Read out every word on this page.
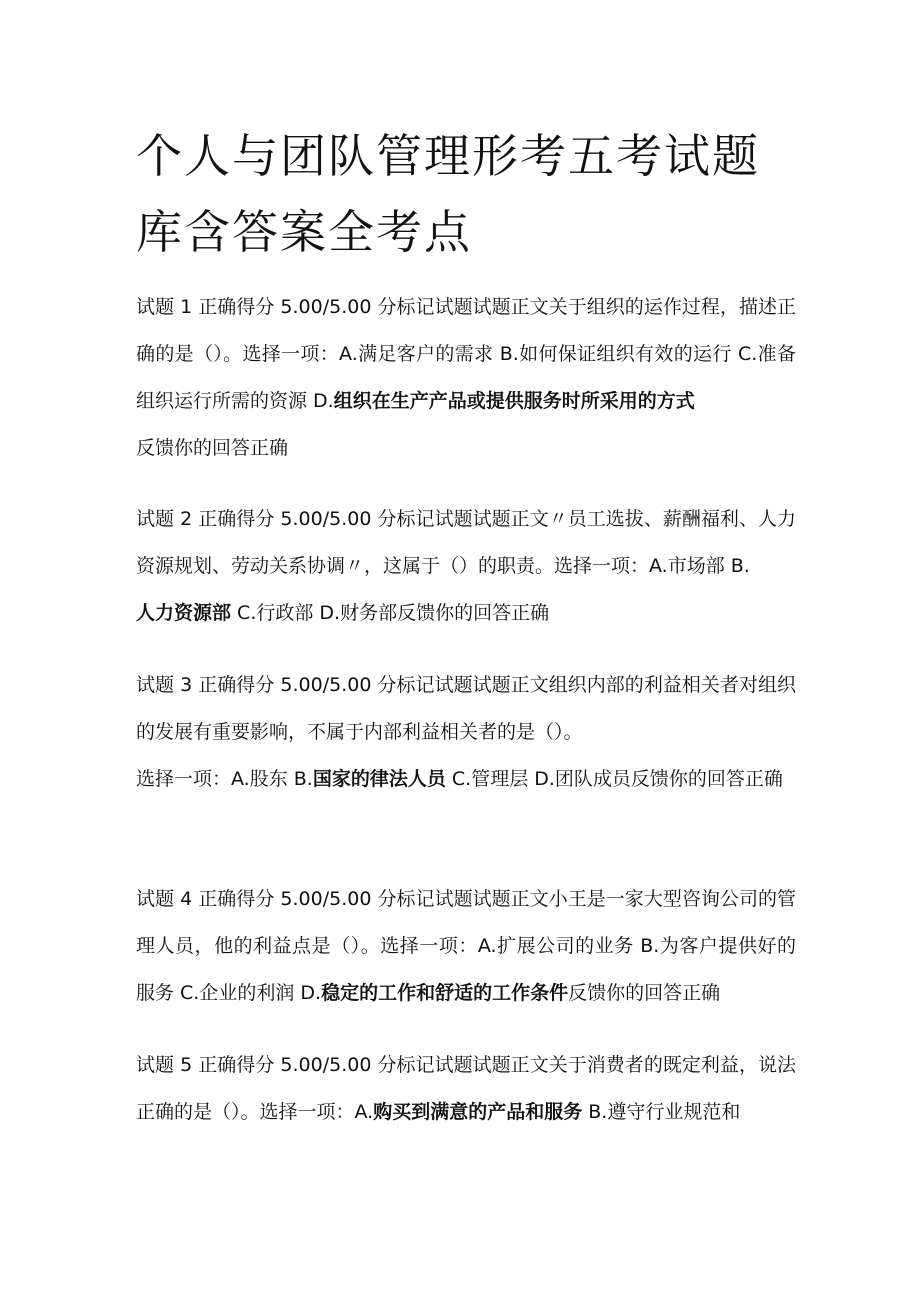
个人与团队管理形考五考试题库含答案全考点

试题 1 正确得分 5.00/5.00 分标记试题试题正文关于组织的运作过程，描述正确的是（）。选择一项：A.满足客户的需求 B.如何保证组织有效的运行 C.准备组织运行所需的资源 D.组织在生产产品或提供服务时所采用的方式
反馈你的回答正确

试题 2 正确得分 5.00/5.00 分标记试题试题正文〃员工选拔、薪酬福利、人力资源规划、劳动关系协调〃，这属于（）的职责。选择一项：A.市场部 B.
人力资源部 C.行政部 D.财务部反馈你的回答正确

试题 3 正确得分 5.00/5.00 分标记试题试题正文组织内部的利益相关者对组织的发展有重要影响，不属于内部利益相关者的是（）。
选择一项：A.股东 B.国家的律法人员 C.管理层 D.团队成员反馈你的回答正确

试题 4 正确得分 5.00/5.00 分标记试题试题正文小王是一家大型咨询公司的管理人员，他的利益点是（）。选择一项：A.扩展公司的业务 B.为客户提供好的服务 C.企业的利润 D.稳定的工作和舒适的工作条件反馈你的回答正确

试题 5 正确得分 5.00/5.00 分标记试题试题正文关于消费者的既定利益，说法正确的是（）。选择一项：A.购买到满意的产品和服务 B.遵守行业规范和
